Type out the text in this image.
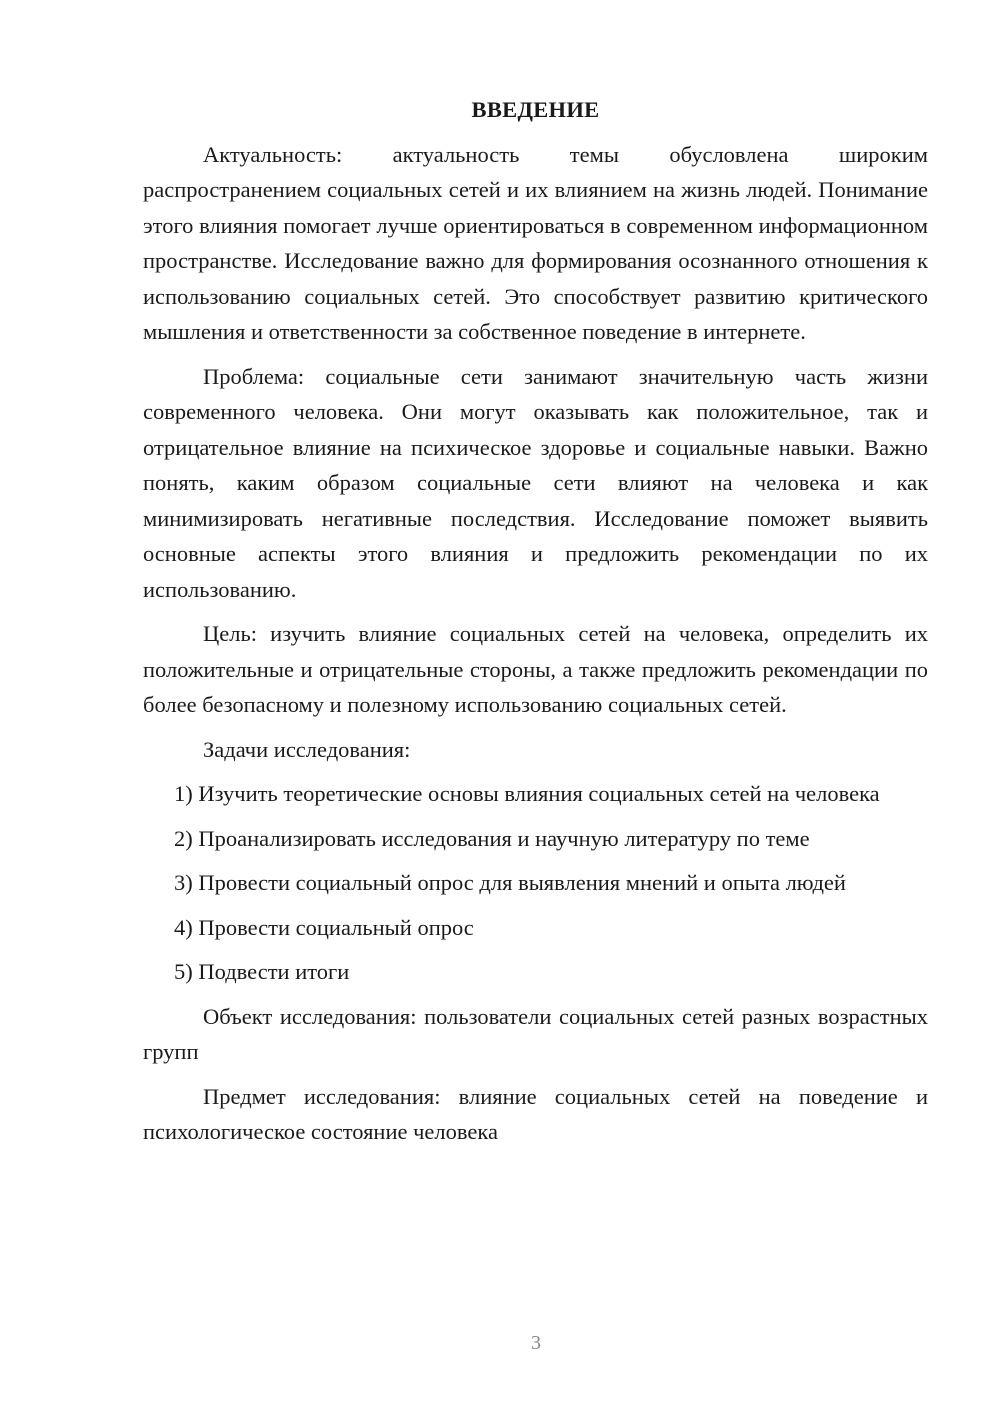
ВВЕДЕНИЕ

Актуальность: актуальность темы обусловлена широким распространением социальных сетей и их влиянием на жизнь людей. Понимание этого влияния помогает лучше ориентироваться в современном информационном пространстве. Исследование важно для формирования осознанного отношения к использованию социальных сетей. Это способствует развитию критического мышления и ответственности за собственное поведение в интернете.

Проблема: социальные сети занимают значительную часть жизни современного человека. Они могут оказывать как положительное, так и отрицательное влияние на психическое здоровье и социальные навыки. Важно понять, каким образом социальные сети влияют на человека и как минимизировать негативные последствия. Исследование поможет выявить основные аспекты этого влияния и предложить рекомендации по их использованию.

Цель: изучить влияние социальных сетей на человека, определить их положительные и отрицательные стороны, а также предложить рекомендации по более безопасному и полезному использованию социальных сетей.

Задачи исследования:

1) Изучить теоретические основы влияния социальных сетей на человека

2) Проанализировать исследования и научную литературу по теме

3) Провести социальный опрос для выявления мнений и опыта людей

4) Провести социальный опрос

5) Подвести итоги

Объект исследования: пользователи социальных сетей разных возрастных групп

Предмет исследования: влияние социальных сетей на поведение и психологическое состояние человека

3
